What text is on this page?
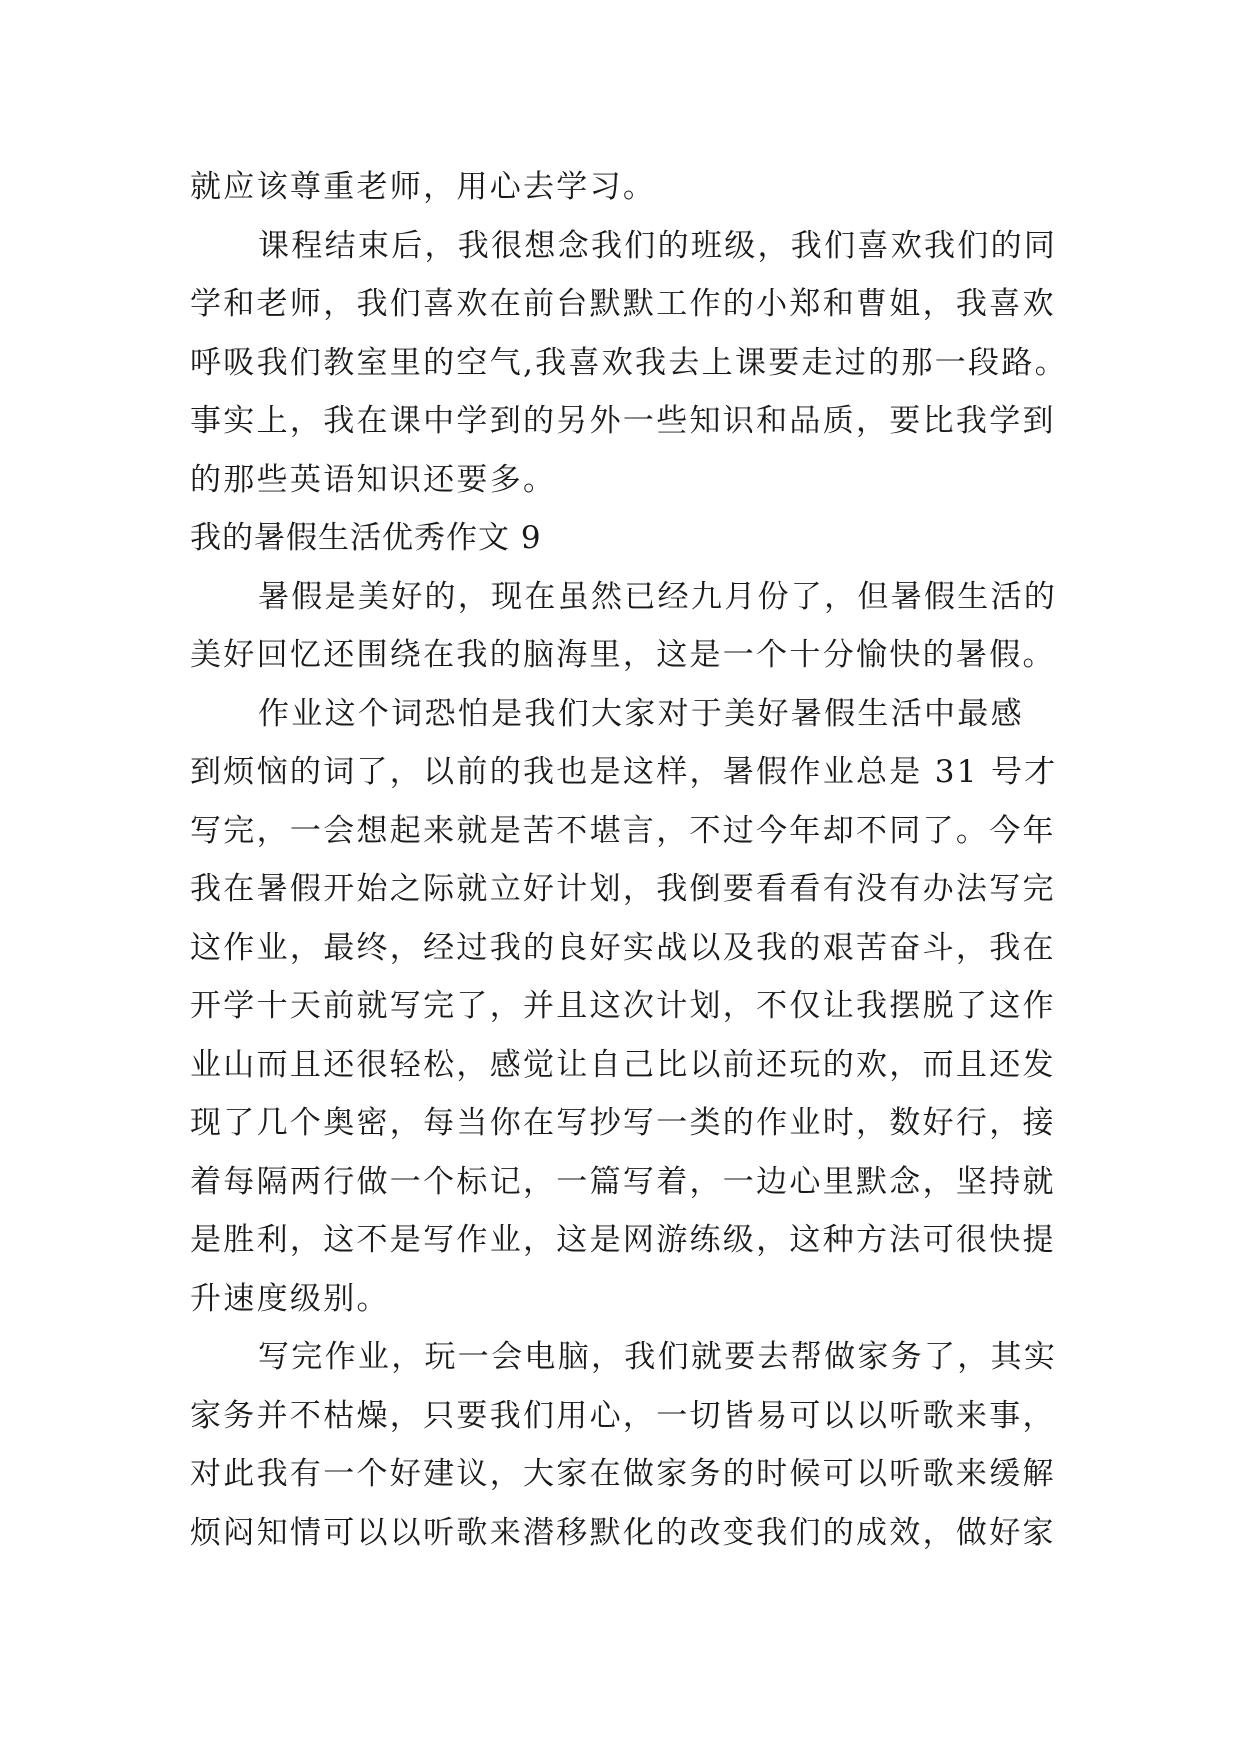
就应该尊重老师，用心去学习。
课程结束后，我很想念我们的班级，我们喜欢我们的同
学和老师，我们喜欢在前台默默工作的小郑和曹姐，我喜欢
呼吸我们教室里的空气,我喜欢我去上课要走过的那一段路。
事实上，我在课中学到的另外一些知识和品质，要比我学到
的那些英语知识还要多。
我的暑假生活优秀作文 9
暑假是美好的，现在虽然已经九月份了，但暑假生活的
美好回忆还围绕在我的脑海里，这是一个十分愉快的暑假。
作业这个词恐怕是我们大家对于美好暑假生活中最感
到烦恼的词了，以前的我也是这样，暑假作业总是 31 号才
写完，一会想起来就是苦不堪言，不过今年却不同了。今年
我在暑假开始之际就立好计划，我倒要看看有没有办法写完
这作业，最终，经过我的良好实战以及我的艰苦奋斗，我在
开学十天前就写完了，并且这次计划，不仅让我摆脱了这作
业山而且还很轻松，感觉让自己比以前还玩的欢，而且还发
现了几个奥密，每当你在写抄写一类的作业时，数好行，接
着每隔两行做一个标记，一篇写着，一边心里默念，坚持就
是胜利，这不是写作业，这是网游练级，这种方法可很快提
升速度级别。
写完作业，玩一会电脑，我们就要去帮做家务了，其实
家务并不枯燥，只要我们用心，一切皆易可以以听歌来事，
对此我有一个好建议，大家在做家务的时候可以听歌来缓解
烦闷知情可以以听歌来潜移默化的改变我们的成效，做好家
